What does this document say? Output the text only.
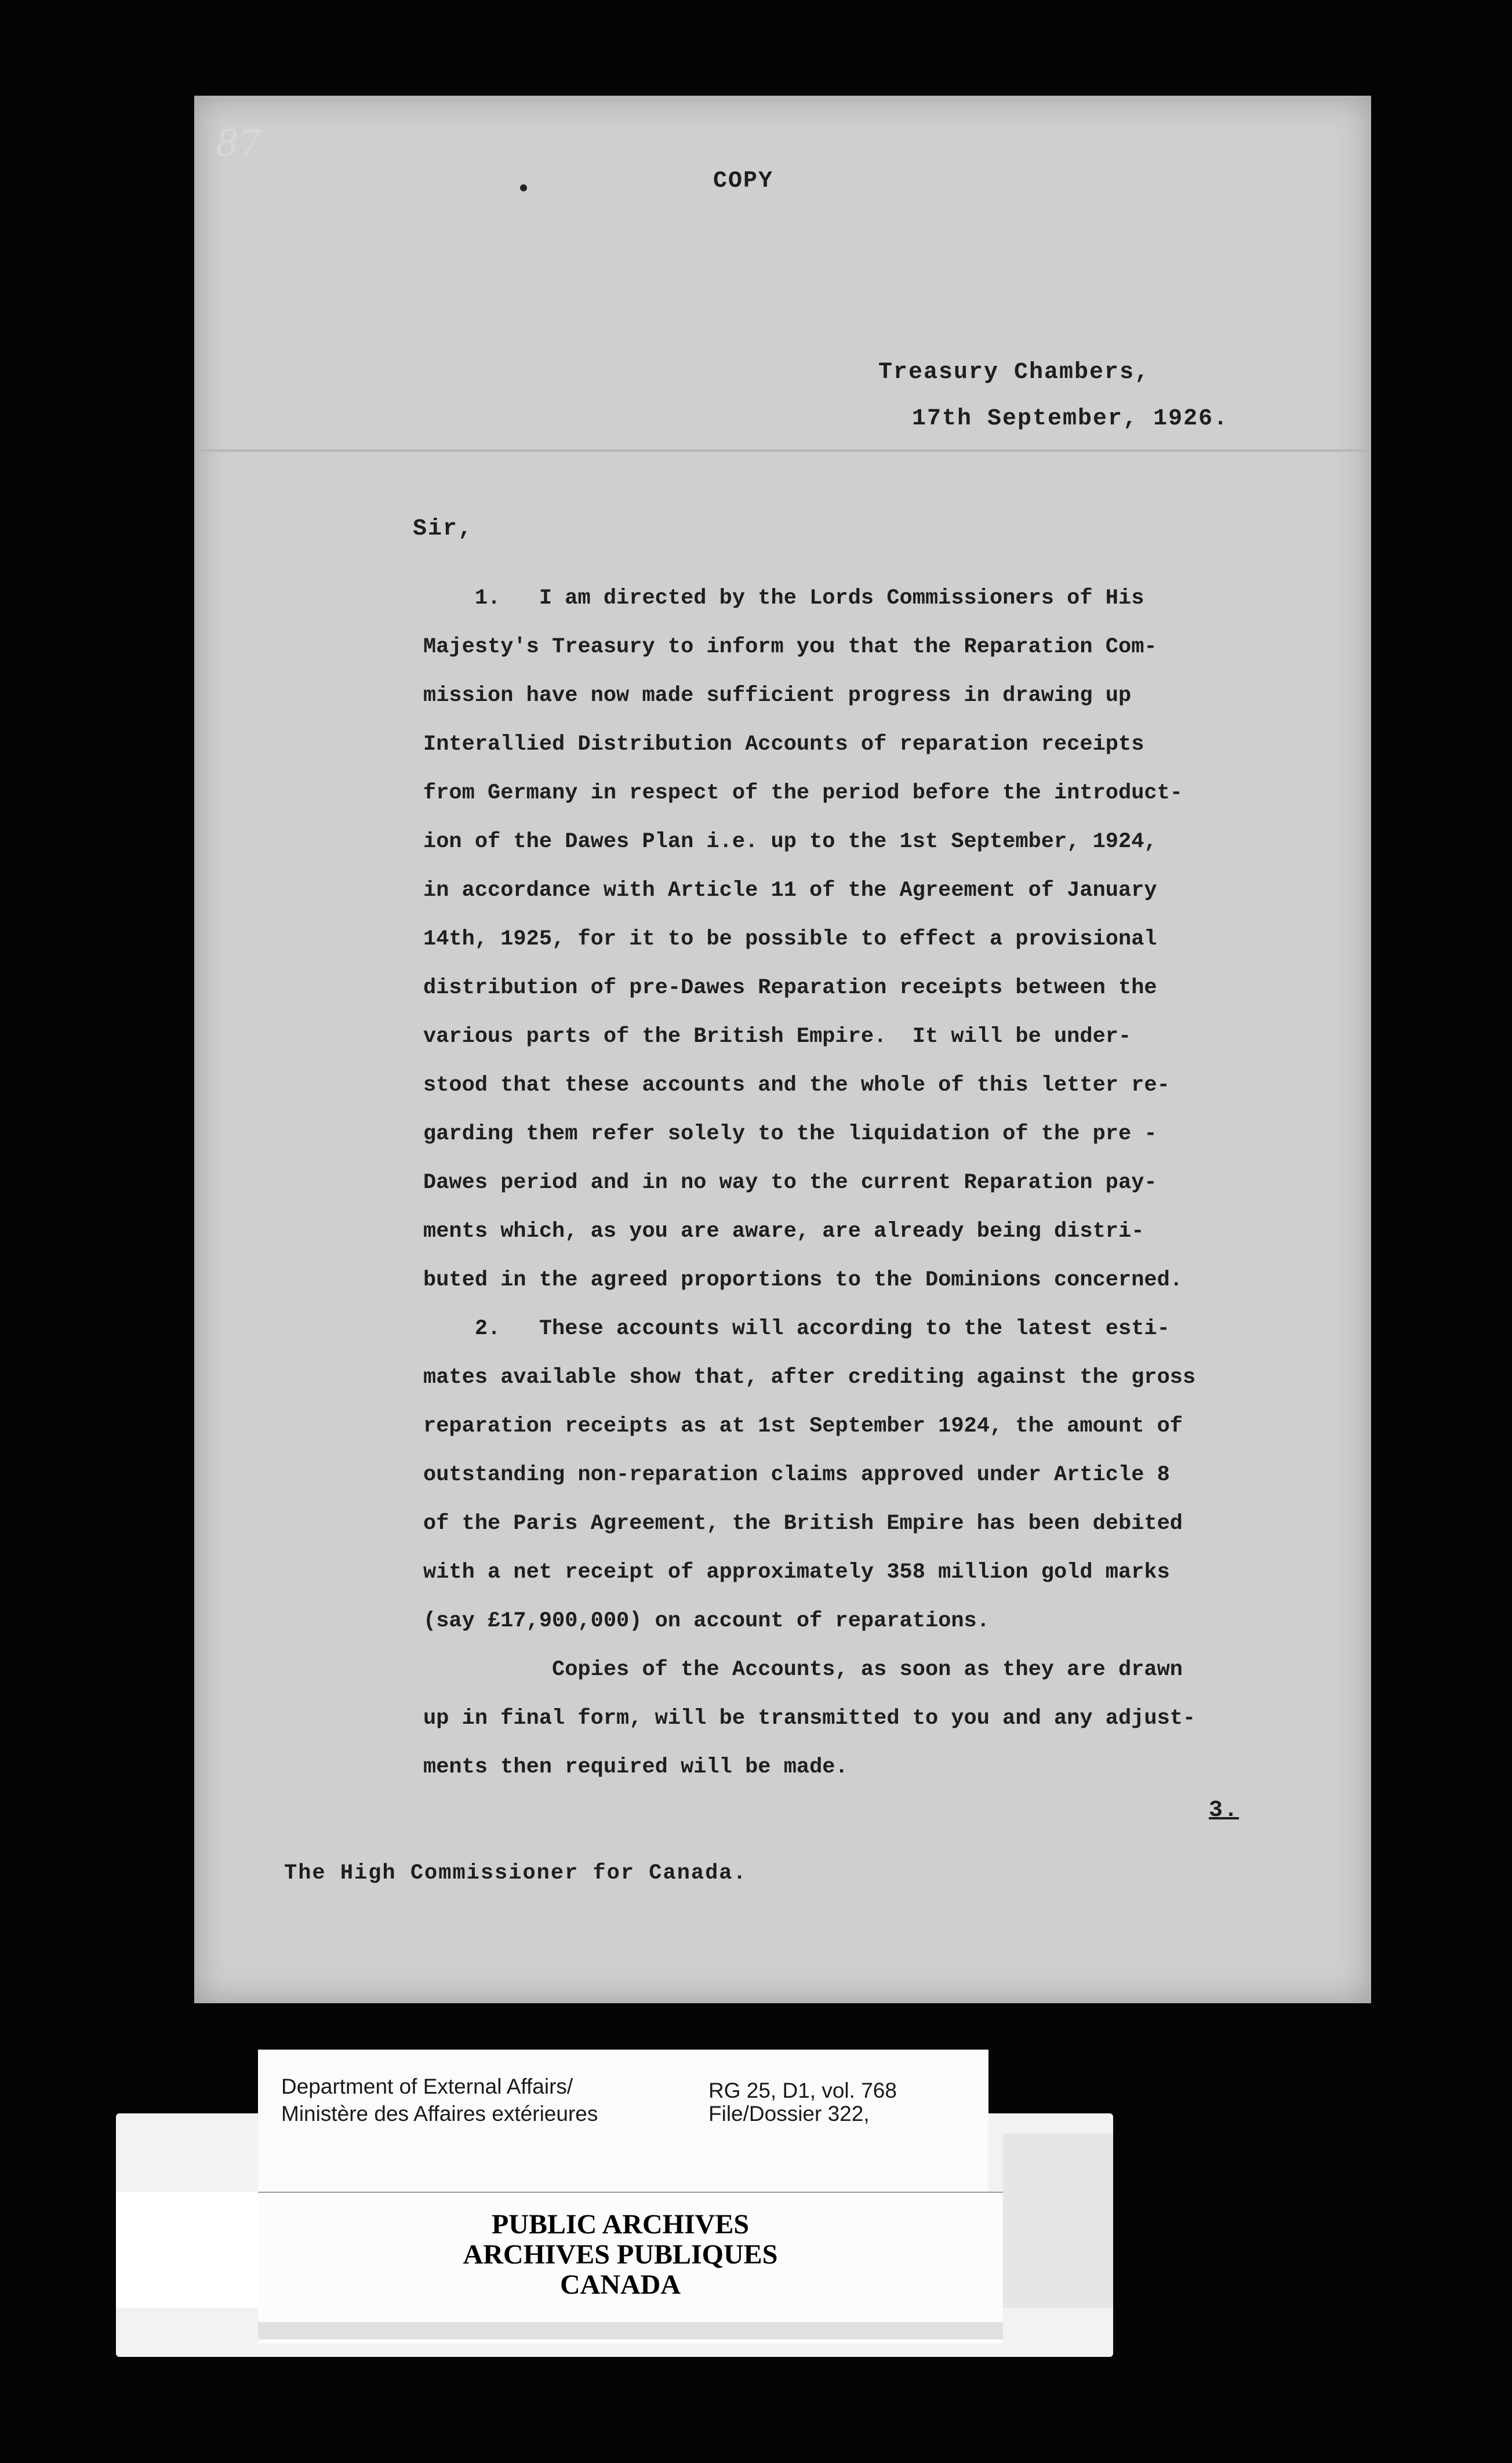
87
COPY
Treasury Chambers,
17th September, 1926.
Sir,
1.   I am directed by the Lords Commissioners of His
Majesty's Treasury to inform you that the Reparation Com-
mission have now made sufficient progress in drawing up
Interallied Distribution Accounts of reparation receipts
from Germany in respect of the period before the introduct-
ion of the Dawes Plan i.e. up to the 1st September, 1924,
in accordance with Article 11 of the Agreement of January
14th, 1925, for it to be possible to effect a provisional
distribution of pre-Dawes Reparation receipts between the
various parts of the British Empire.  It will be under-
stood that these accounts and the whole of this letter re-
garding them refer solely to the liquidation of the pre -
Dawes period and in no way to the current Reparation pay-
ments which, as you are aware, are already being distri-
buted in the agreed proportions to the Dominions concerned.
2.   These accounts will according to the latest esti-
mates available show that, after crediting against the gross
reparation receipts as at 1st September 1924, the amount of
outstanding non-reparation claims approved under Article 8
of the Paris Agreement, the British Empire has been debited
with a net receipt of approximately 358 million gold marks
(say £17,900,000) on account of reparations.
Copies of the Accounts, as soon as they are drawn
up in final form, will be transmitted to you and any adjust-
ments then required will be made.
3.
The High Commissioner for Canada.
Department of External Affairs/
Ministère des Affaires extérieures
RG 25, D1, vol. 768
File/Dossier 322,
PUBLIC ARCHIVES
ARCHIVES PUBLIQUES
CANADA
